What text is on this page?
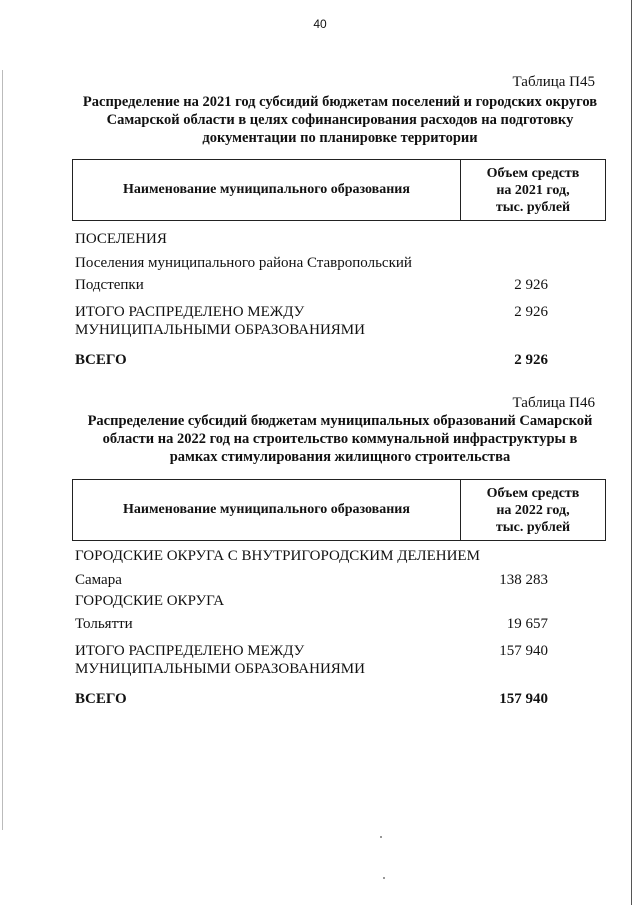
40
Таблица П45
Распределение на 2021 год субсидий бюджетам поселений и городских округов Самарской области в целях софинансирования расходов на подготовку документации по планировке территории
Наименование муниципального образования
Объем средств
на 2021 год,
тыс. рублей
ПОСЕЛЕНИЯ
Поселения муниципального района Ставропольский
Подстепки	2 926
ИТОГО РАСПРЕДЕЛЕНО МЕЖДУ
МУНИЦИПАЛЬНЫМИ ОБРАЗОВАНИЯМИ
2 926
ВСЕГО	2 926
Таблица П46
Распределение субсидий бюджетам муниципальных образований Самарской области на 2022 год на строительство коммунальной инфраструктуры в рамках стимулирования жилищного строительства
Наименование муниципального образования
Объем средств
на 2022 год,
тыс. рублей
ГОРОДСКИЕ ОКРУГА С ВНУТРИГОРОДСКИМ ДЕЛЕНИЕМ
Самара	138 283
ГОРОДСКИЕ ОКРУГА
Тольятти	19 657
ИТОГО РАСПРЕДЕЛЕНО МЕЖДУ
МУНИЦИПАЛЬНЫМИ ОБРАЗОВАНИЯМИ
157 940
ВСЕГО	157 940
